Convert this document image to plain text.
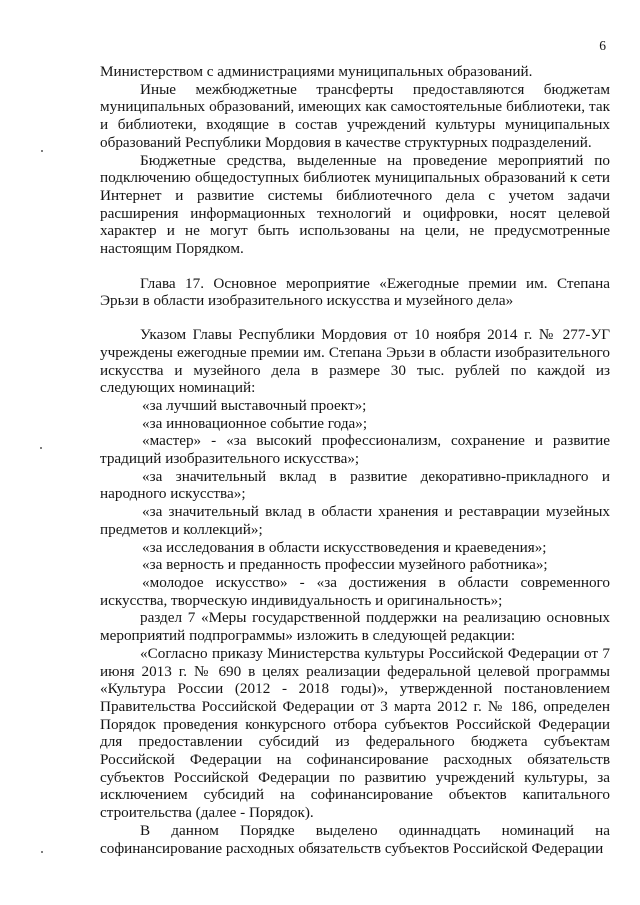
6

Министерством с администрациями муниципальных образований.

Иные межбюджетные трансферты предоставляются бюджетам муниципальных образований, имеющих как самостоятельные библиотеки, так и библиотеки, входящие в состав учреждений культуры муниципальных образований Республики Мордовия в качестве структурных подразделений.

Бюджетные средства, выделенные на проведение мероприятий по подключению общедоступных библиотек муниципальных образований к сети Интернет и развитие системы библиотечного дела с учетом задачи расширения информационных технологий и оцифровки, носят целевой характер и не могут быть использованы на цели, не предусмотренные настоящим Порядком.

Глава 17. Основное мероприятие «Ежегодные премии им. Степана Эрьзи в области изобразительного искусства и музейного дела»

Указом Главы Республики Мордовия от 10 ноября 2014 г. № 277-УГ учреждены ежегодные премии им. Степана Эрьзи в области изобразительного искусства и музейного дела в размере 30 тыс. рублей по каждой из следующих номинаций:

«за лучший выставочный проект»;

«за инновационное событие года»;

«мастер» - «за высокий профессионализм, сохранение и развитие традиций изобразительного искусства»;

«за значительный вклад в развитие декоративно-прикладного и народного искусства»;

«за значительный вклад в области хранения и реставрации музейных предметов и коллекций»;

«за исследования в области искусствоведения и краеведения»;

«за верность и преданность профессии музейного работника»;

«молодое искусство» - «за достижения в области современного искусства, творческую индивидуальность и оригинальность»;

раздел 7 «Меры государственной поддержки на реализацию основных мероприятий подпрограммы» изложить в следующей редакции:

«Согласно приказу Министерства культуры Российской Федерации от 7 июня 2013 г. № 690 в целях реализации федеральной целевой программы «Культура России (2012 - 2018 годы)», утвержденной постановлением Правительства Российской Федерации от 3 марта 2012 г. № 186, определен Порядок проведения конкурсного отбора субъектов Российской Федерации для предоставлении субсидий из федерального бюджета субъектам Российской Федерации на софинансирование расходных обязательств субъектов Российской Федерации по развитию учреждений культуры, за исключением субсидий на софинансирование объектов капитального строительства (далее - Порядок).

В данном Порядке выделено одиннадцать номинаций на софинансирование расходных обязательств субъектов Российской Федерации
